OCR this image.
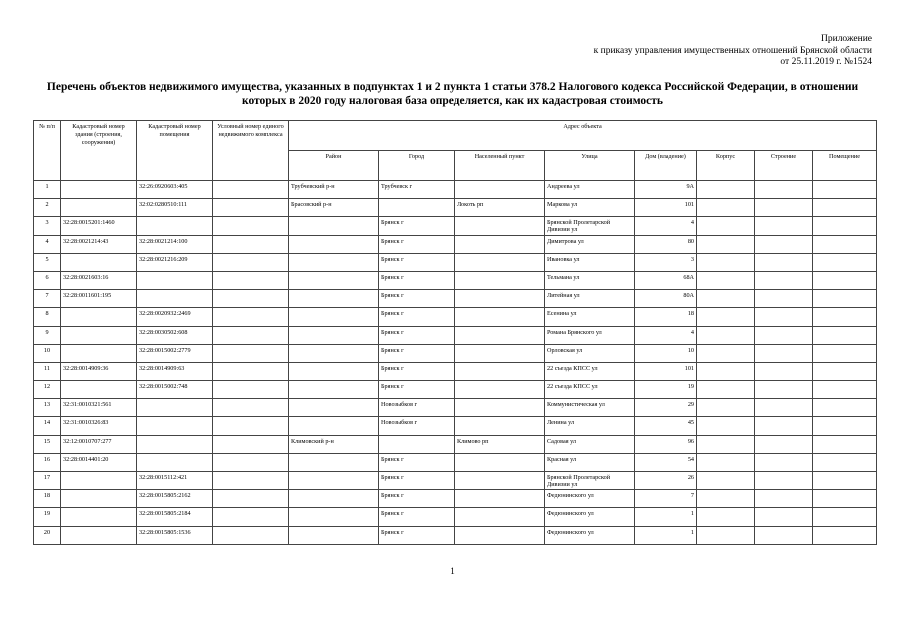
Приложение
к приказу управления имущественных отношений Брянской области
от 25.11.2019 г. №1524
Перечень объектов недвижимого имущества, указанных в подпунктах 1 и 2 пункта 1 статьи 378.2 Налогового кодекса Российской Федерации, в отношении
которых в 2020 году налоговая база определяется, как их кадастровая стоимость
№ п/п	Кадастровый номер здания (строения, сооружения)	Кадастровый номер помещения	Условный номер единого недвижимого комплекса	Адрес объекта							
				Район	Город	Населенный пункт	Улица	Дом (владение)	Корпус	Строение	Помещение
1		32:26:0920603:405		Трубчевский р-н	Трубчевск г		Андреева ул	9А			
2		32:02:0280510:111		Брасовский р-н		Локоть рп	Маркова ул	101			
3	32:28:0015201:1460				Брянск г		Брянской Пролетарской Дивизии ул	4			
4	32:28:0021214:43	32:28:0021214:100			Брянск г		Димитрова ул	80			
5		32:28:0021216:209			Брянск г		Ивановка ул	3			
6	32:28:0021603:16				Брянск г		Тельмана ул	68А			
7	32:28:0011601:195				Брянск г		Литейная ул	80А			
8		32:28:0020932:2469			Брянск г		Есенина ул	18			
9		32:28:0030502:608			Брянск г		Романа Брянского ул	4			
10		32:28:0015002:2779			Брянск г		Орловская ул	10			
11	32:28:0014909:36	32:28:0014909:63			Брянск г		22 съезда КПСС ул	101			
12		32:28:0015002:748			Брянск г		22 съезда КПСС ул	19			
13	32:31:0010321:561				Новозыбков г		Коммунистическая ул	29			
14	32:31:0010326:83				Новозыбков г		Ленина ул	45			
15	32:12:0010707:277			Климовский р-н		Климово рп	Садовая ул	96			
16	32:28:0014401:20				Брянск г		Красная ул	54			
17		32:28:0015112:421			Брянск г		Брянской Пролетарской Дивизии ул	26			
18		32:28:0015805:2162			Брянск г		Федюнинского ул	7			
19		32:28:0015805:2184			Брянск г		Федюнинского ул	1			
20		32:28:0015805:1536			Брянск г		Федюнинского ул	1			
1
